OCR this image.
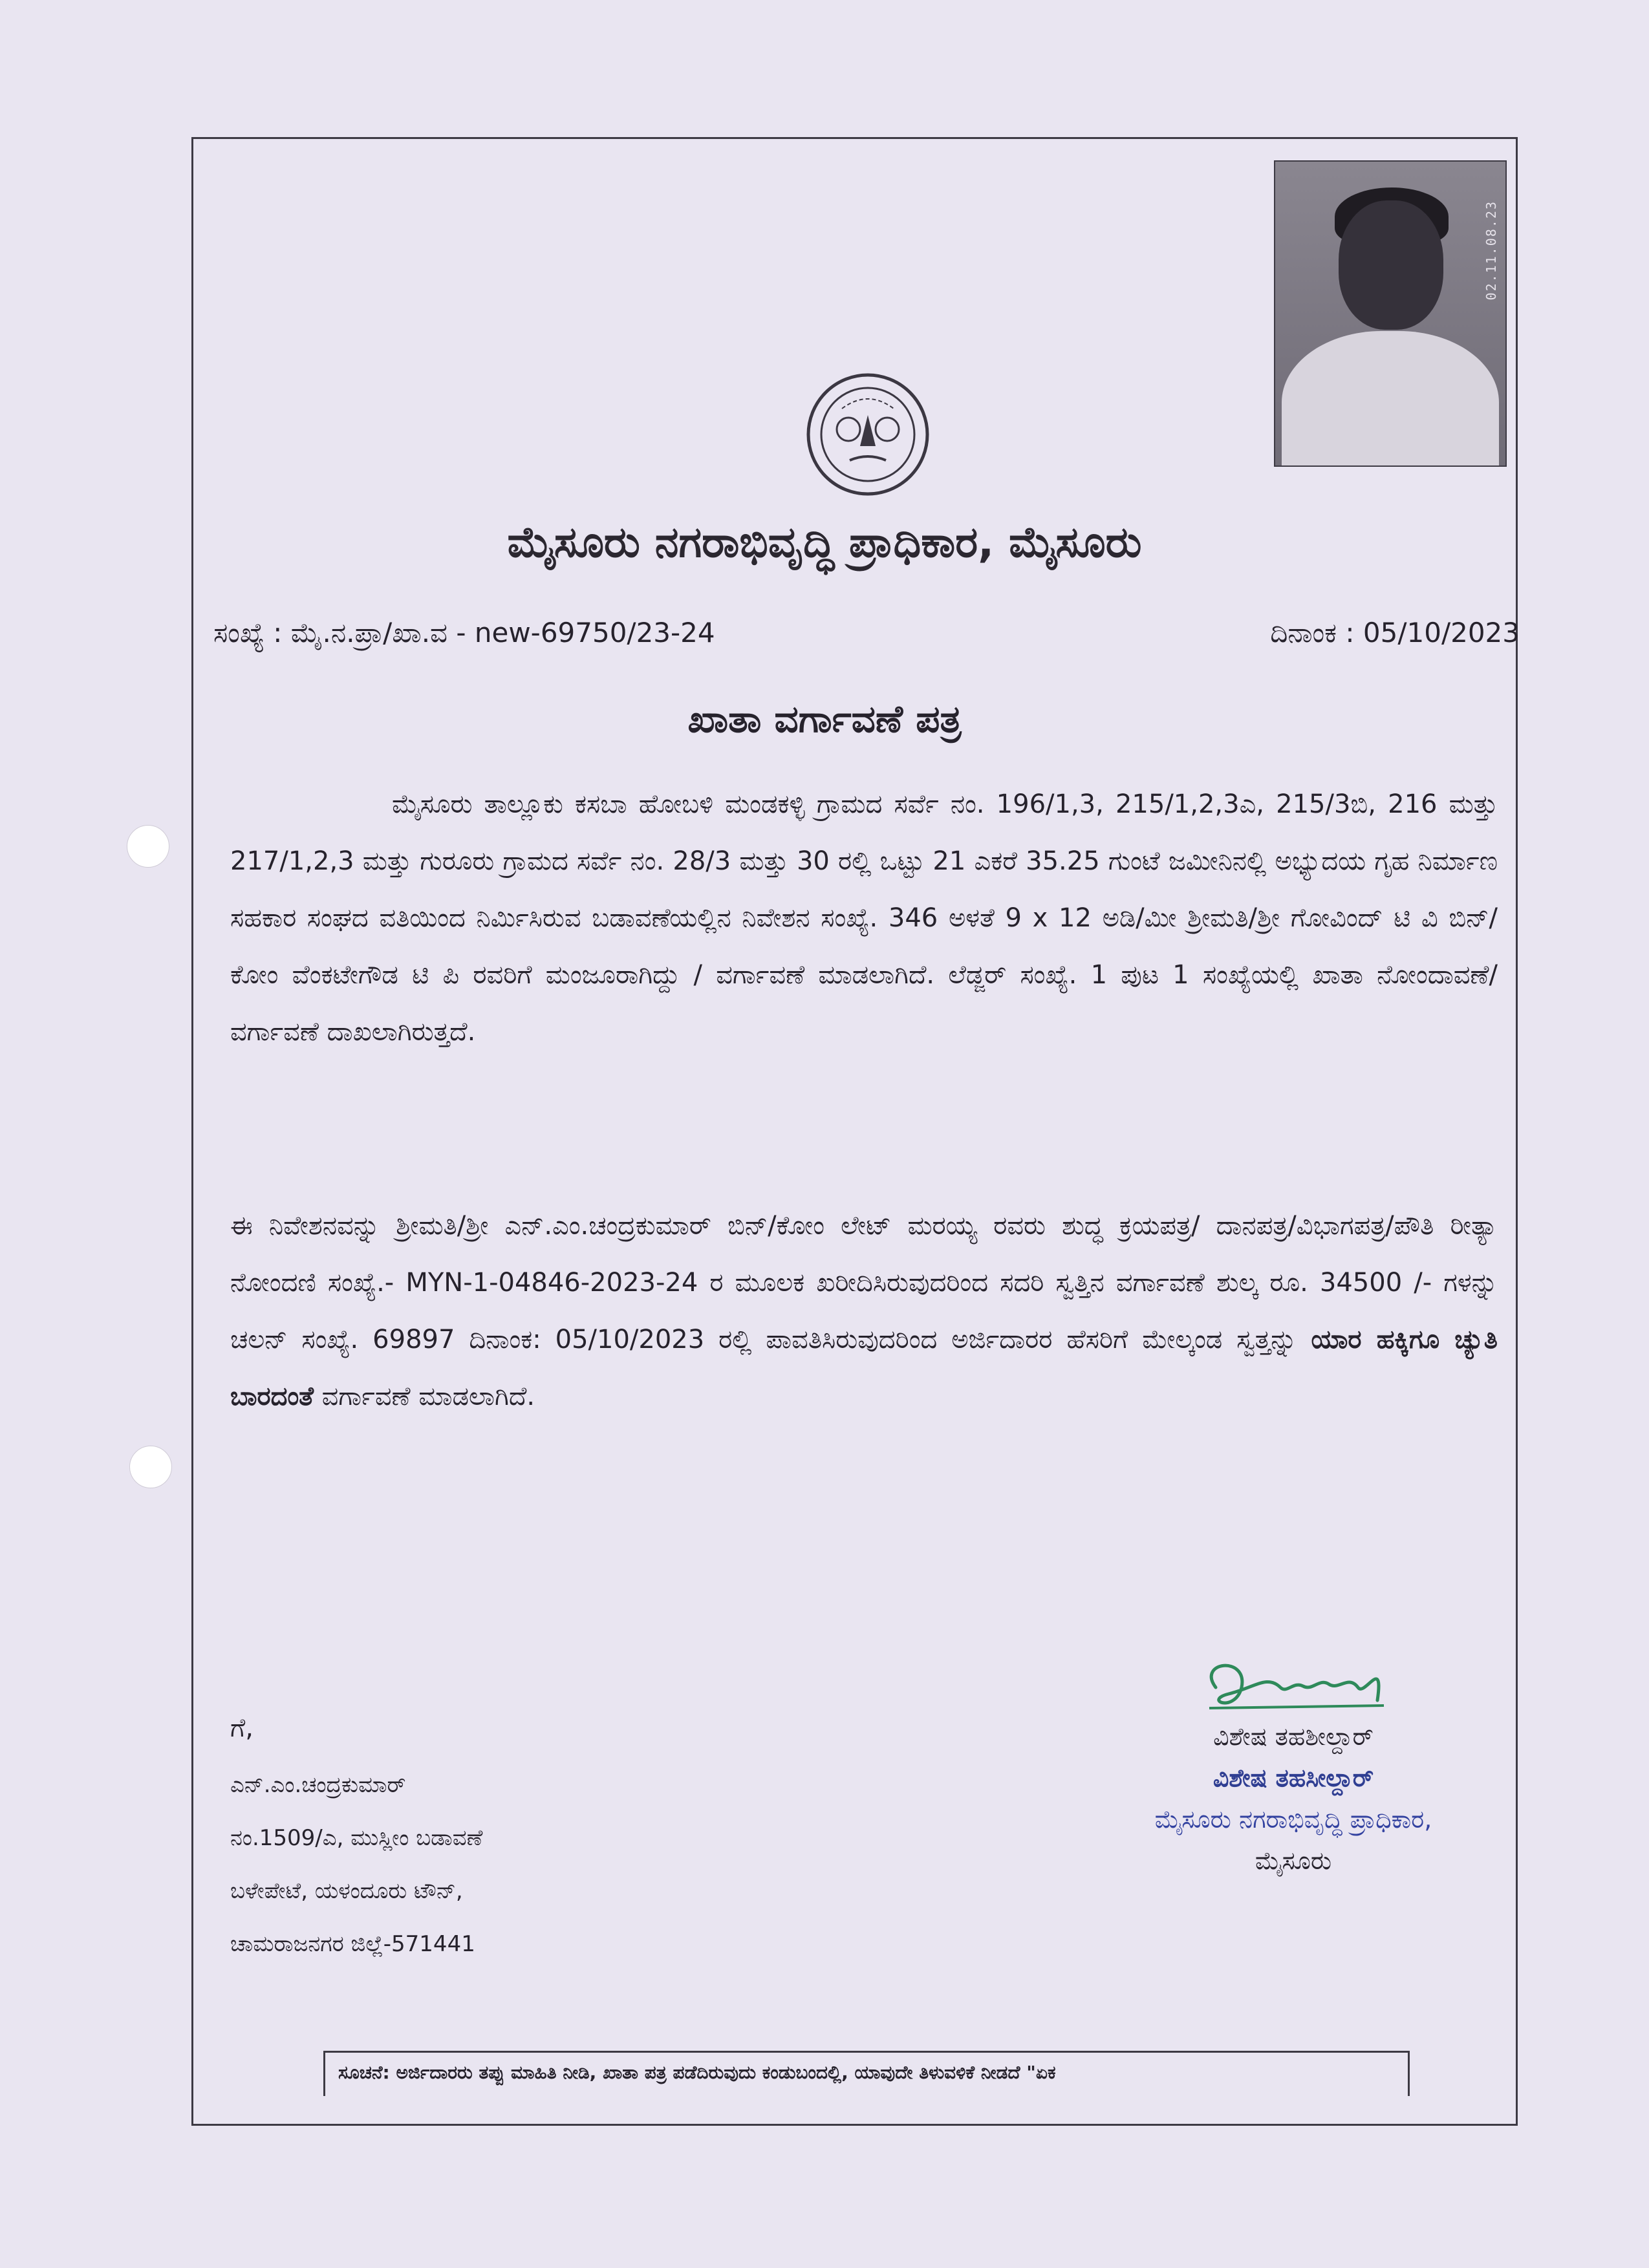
02.11.08.23
ಮೈಸೂರು ನಗರಾಭಿವೃದ್ಧಿ ಪ್ರಾಧಿಕಾರ, ಮೈಸೂರು
ಸಂಖ್ಯೆ : ಮೈ.ನ.ಪ್ರಾ/ಖಾ.ವ - new-69750/23-24	ದಿನಾಂಕ : 05/10/2023
ಖಾತಾ ವರ್ಗಾವಣೆ ಪತ್ರ
ಮೈಸೂರು ತಾಲ್ಲೂಕು ಕಸಬಾ ಹೋಬಳಿ ಮಂಡಕಳ್ಳಿ ಗ್ರಾಮದ ಸರ್ವೆ ನಂ. 196/1,3, 215/1,2,3ಎ, 215/3ಬಿ, 216 ಮತ್ತು 217/1,2,3 ಮತ್ತು ಗುರೂರು ಗ್ರಾಮದ ಸರ್ವೆ ನಂ. 28/3 ಮತ್ತು 30 ರಲ್ಲಿ ಒಟ್ಟು 21 ಎಕರೆ 35.25 ಗುಂಟೆ ಜಮೀನಿನಲ್ಲಿ ಅಭ್ಯುದಯ ಗೃಹ ನಿರ್ಮಾಣ ಸಹಕಾರ ಸಂಘದ ವತಿಯಿಂದ ನಿರ್ಮಿಸಿರುವ ಬಡಾವಣೆಯಲ್ಲಿನ ನಿವೇಶನ ಸಂಖ್ಯೆ. 346 ಅಳತೆ 9 x 12 ಅಡಿ/ಮೀ ಶ್ರೀಮತಿ/ಶ್ರೀ ಗೋವಿಂದ್ ಟಿ ವಿ ಬಿನ್/ಕೋಂ ವೆಂಕಟೇಗೌಡ ಟಿ ಪಿ ರವರಿಗೆ ಮಂಜೂರಾಗಿದ್ದು / ವರ್ಗಾವಣೆ ಮಾಡಲಾಗಿದೆ. ಲೆಡ್ಜರ್ ಸಂಖ್ಯೆ. 1 ಪುಟ 1 ಸಂಖ್ಯೆಯಲ್ಲಿ ಖಾತಾ ನೋಂದಾವಣೆ/ ವರ್ಗಾವಣೆ ದಾಖಲಾಗಿರುತ್ತದೆ.
ಈ ನಿವೇಶನವನ್ನು ಶ್ರೀಮತಿ/ಶ್ರೀ ಎನ್.ಎಂ.ಚಂದ್ರಕುಮಾರ್ ಬಿನ್/ಕೋಂ ಲೇಟ್ ಮರಯ್ಯ ರವರು ಶುದ್ಧ ಕ್ರಯಪತ್ರ/ ದಾನಪತ್ರ/ವಿಭಾಗಪತ್ರ/ಪೌತಿ ರೀತ್ಯಾ ನೋಂದಣಿ ಸಂಖ್ಯೆ.- MYN-1-04846-2023-24 ರ ಮೂಲಕ ಖರೀದಿಸಿರುವುದರಿಂದ ಸದರಿ ಸ್ವತ್ತಿನ ವರ್ಗಾವಣೆ ಶುಲ್ಕ ರೂ. 34500 /- ಗಳನ್ನು ಚಲನ್ ಸಂಖ್ಯೆ. 69897 ದಿನಾಂಕ: 05/10/2023 ರಲ್ಲಿ ಪಾವತಿಸಿರುವುದರಿಂದ ಅರ್ಜಿದಾರರ ಹೆಸರಿಗೆ ಮೇಲ್ಕಂಡ ಸ್ವತ್ತನ್ನು ಯಾರ ಹಕ್ಕಿಗೂ ಚ್ಯುತಿ ಬಾರದಂತೆ ವರ್ಗಾವಣೆ ಮಾಡಲಾಗಿದೆ.
ಗೆ,
ಎನ್.ಎಂ.ಚಂದ್ರಕುಮಾರ್
ನಂ.1509/ಎ, ಮುಸ್ಲೀಂ ಬಡಾವಣೆ
ಬಳೇಪೇಟೆ, ಯಳಂದೂರು ಟೌನ್,
ಚಾಮರಾಜನಗರ ಜಿಲ್ಲೆ-571441
ವಿಶೇಷ ತಹಶೀಲ್ದಾರ್
ವಿಶೇಷ ತಹಸೀಲ್ದಾರ್
ಮೈಸೂರು ನಗರಾಭಿವೃದ್ಧಿ ಪ್ರಾಧಿಕಾರ,
ಮೈಸೂರು
ಸೂಚನೆ: ಅರ್ಜಿದಾರರು ತಪ್ಪು ಮಾಹಿತಿ ನೀಡಿ, ಖಾತಾ ಪತ್ರ ಪಡೆದಿರುವುದು ಕಂಡುಬಂದಲ್ಲಿ, ಯಾವುದೇ ತಿಳುವಳಿಕೆ ನೀಡದೆ "ಏಕ
